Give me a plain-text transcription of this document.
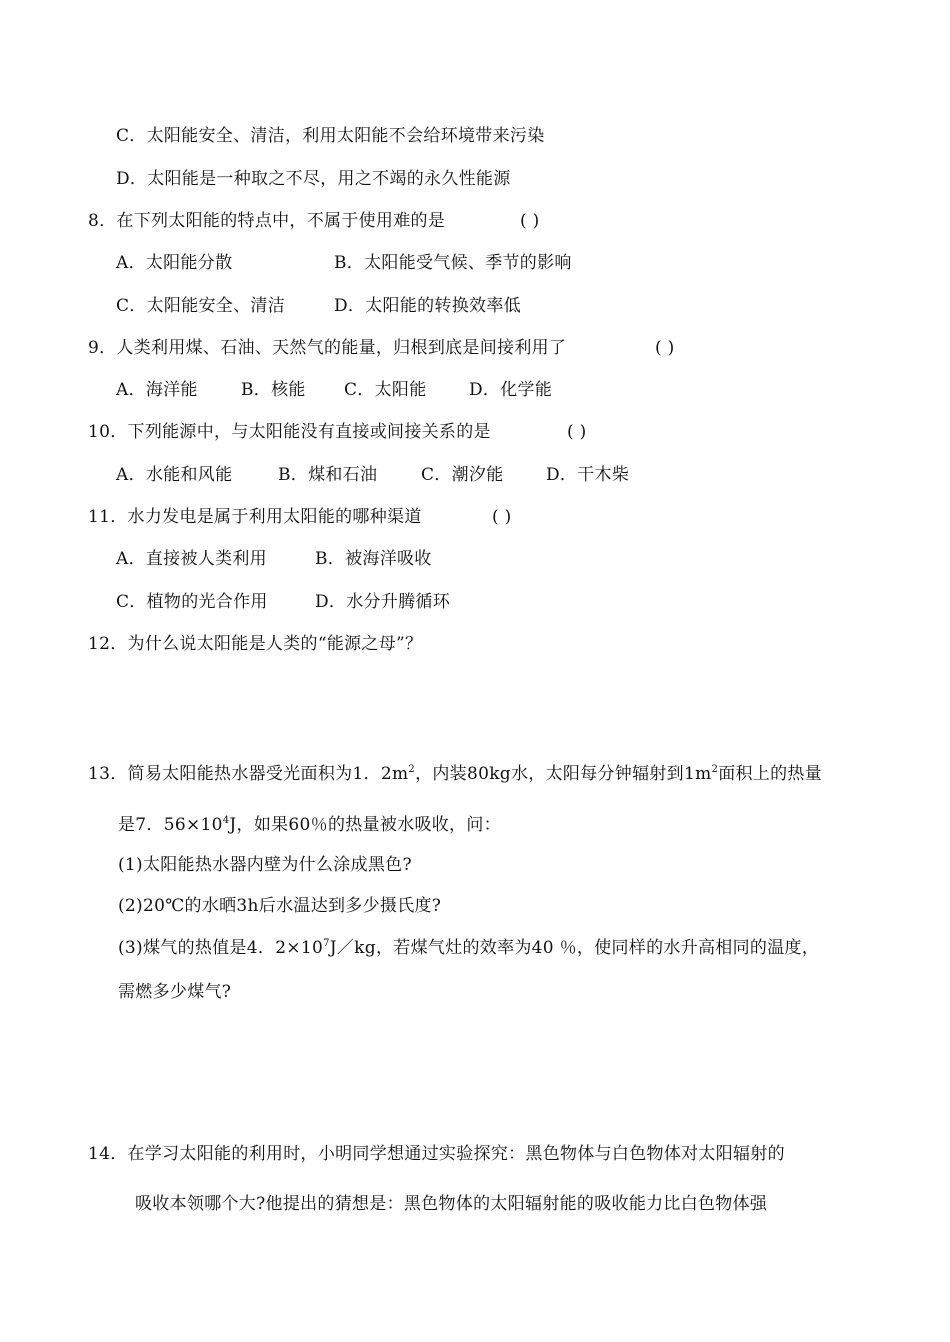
C．太阳能安全、清洁，利用太阳能不会给环境带来污染
D．太阳能是一种取之不尽，用之不竭的永久性能源
8．在下列太阳能的特点中，不属于使用难的是	( )
A．太阳能分散	B．太阳能受气候、季节的影响
C．太阳能安全、清洁	D．太阳能的转换效率低
9．人类利用煤、石油、天然气的能量，归根到底是间接利用了	( )
A．海洋能	B．核能 C．太阳能 D．化学能
10．下列能源中，与太阳能没有直接或间接关系的是	( )
A．水能和风能	B．煤和石油	C．潮汐能 D．干木柴
11．水力发电是属于利用太阳能的哪种渠道	( )
A．直接被人类利用	B．被海洋吸收
C．植物的光合作用	D．水分升腾循环
12．为什么说太阳能是人类的“能源之母”？
13．简易太阳能热水器受光面积为1．$2m^2$，内装80kg水，太阳每分钟辐射到$1m^2$面积上的热量
是7．$56\times 10^4J$，如果60％的热量被水吸收，问：
(1)太阳能热水器内壁为什么涂成黑色?
(2)20℃的水晒3h后水温达到多少摄氏度?
(3)煤气的热值是4．$2\times 10^7J/kg$，若煤气灶的效率为40 ％，使同样的水升高相同的温度，
需燃多少煤气?
14．在学习太阳能的利用时，小明同学想通过实验探究：黑色物体与白色物体对太阳辐射的
吸收本领哪个大?他提出的猜想是：黑色物体的太阳辐射能的吸收能力比白色物体强
